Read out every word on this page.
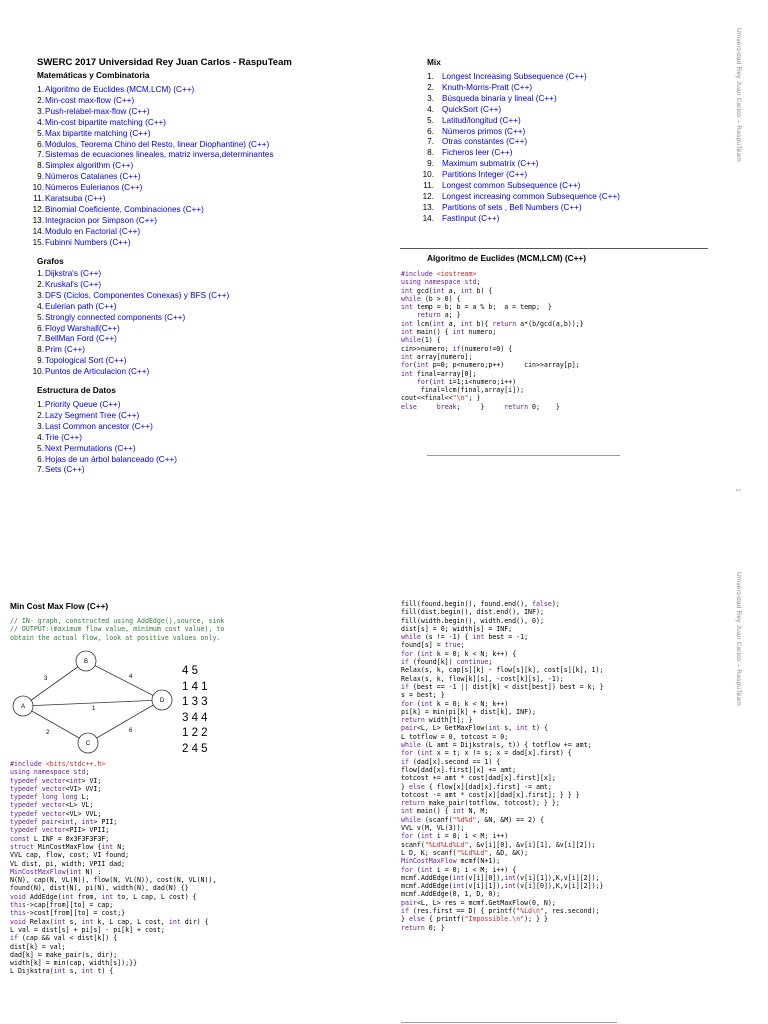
SWERC 2017 Universidad Rey Juan Carlos - RaspuTeam	Universidad Rey Juan Carlos – RaspuTeam
1
Matemáticas y Combinatoria
1.Algoritmo de Euclides (MCM,LCM) (C++)
2.Min-cost max-flow (C++)
3.Push-relabel-max-flow (C++)
4.Min-cost bipartite matching (C++)
5.Max bipartite matching (C++)
6.Módulos, Teorema Chino del Resto, linear Diophantine) (C++)
7.Sistemas de ecuaciones lineales, matriz inversa,determinantes
8.Simplex algorithm (C++)
9.Números Catalanes (C++)
10.Números Eulerianos (C++)
11.Karatsuba (C++)
12.Binomial Coeficiente, Combinaciones (C++)
13.Integracion por Simpson (C++)
14.Modulo en Factorial (C++)
15.Fubinni Numbers (C++)
Grafos
1.Dijkstra's (C++)
2.Kruskal's (C++)
3.DFS (Ciclos, Componentes Conexas) y BFS (C++)
4.Eulerian path (C++)
5.Strongly connected components (C++)
6.Floyd Warshall(C++)
7.BellMan Ford (C++)
8.Prim (C++)
9.Topological Sort (C++)
10.Puntos de Articulacion (C++)
Estructura de Datos
1.Priority Queue (C++)
2.Lazy Segment Tree (C++)
3.Last Common ancestor (C++)
4.Trie (C++)
5.Next Permutations (C++)
6.Hojas de un árbol balanceado (C++)
7.Sets (C++)
Mix
1. Longest Increasing Subsequence (C++)
2. Knuth-Morris-Pratt (C++)
3. Búsqueda binaria y lineal (C++)
4. QuickSort (C++)
5. Latitud/longitud (C++)
6. Números primos (C++)
7. Otras constantes (C++)
8. Ficheros leer (C++)
9. Maximum submatrix (C++)
10. Partitions Integer (C++)
11. Longest common Subsequence (C++)
12. Longest increasing common Subsequence (C++)
13. Partitions of sets , Bell Numbers (C++)
14. FastInput (C++)
Algoritmo de Euclides (MCM,LCM) (C++)
#include <iostream>
using namespace std;
int gcd(int a, int b) {
while (b > 0) {
int temp = b; b = a % b;  a = temp;  }
return a; }
int lcm(int a, int b){ return a*(b/gcd(a,b));}
int main() { int numero;
while(1) {
cin>>numero; if(numero!=0) {
int array[numero];
for(int p=0; p<numero;p++)     cin>>array[p];
int final=array[0];
for(int i=1;i<numero;i++)
final=lcm(final,array[i]);
cout<<final<<"\n"; }
else	break;     }     return 0;    }
Universidad Rey Juan Carlos – RaspuTeam
Min Cost Max Flow (C++)
// IN- graph, constructed using AddEdge(),source, sink
// OUTPUT:(maximum flow value, minimum cost value), to
obtain the actual flow, look at positive values only.
B
A
D
C
3	4
1
2	6
4 5
1 4 1
1 3 3
3 4 4
1 2 2
2 4 5
#include <bits/stdc++.h>
using namespace std;
typedef vector<int> VI;
typedef vector<VI> VVI;
typedef long long L;
typedef vector<L> VL;
typedef vector<VL> VVL;
typedef pair<int, int> PII;
typedef vector<PII> VPII;
const L INF = 0x3F3F3F3F;
struct MinCostMaxFlow {int N;
VVL cap, flow, cost; VI found;
VL dist, pi, width; VPII dad;
MinCostMaxFlow(int N) :
N(N), cap(N, VL(N)), flow(N, VL(N)), cost(N, VL(N)),
found(N), dist(N), pi(N), width(N), dad(N) {}
void AddEdge(int from, int to, L cap, L cost) {
this->cap[from][to] = cap;
this->cost[from][to] = cost;}
void Relax(int s, int k, L cap, L cost, int dir) {
L val = dist[s] + pi[s] - pi[k] + cost;
if (cap && val < dist[k]) {
dist[k] = val;
dad[k] = make_pair(s, dir);
width[k] = min(cap, width[s]);}}
L Dijkstra(int s, int t) {
fill(found.begin(), found.end(), false);
fill(dist.begin(), dist.end(), INF);
fill(width.begin(), width.end(), 0);
dist[s] = 0; width[s] = INF;
while (s != -1) { int best = -1;
found[s] = true;
for (int k = 0; k < N; k++) {
if (found[k]) continue;
Relax(s, k, cap[s][k] - flow[s][k], cost[s][k], 1);
Relax(s, k, flow[k][s], -cost[k][s], -1);
if (best == -1 || dist[k] < dist[best]) best = k; }
s = best; }
for (int k = 0; k < N; k++)
pi[k] = min(pi[k] + dist[k], INF);
return width[t]; }
pair<L, L> GetMaxFlow(int s, int t) {
L totflow = 0, totcost = 0;
while (L amt = Dijkstra(s, t)) { totflow += amt;
for (int x = t; x != s; x = dad[x].first) {
if (dad[x].second == 1) {
flow[dad[x].first][x] += amt;
totcost += amt * cost[dad[x].first][x];
} else { flow[x][dad[x].first] -= amt;
totcost -= amt * cost[x][dad[x].first]; } } }
return make_pair(totflow, totcost); } };
int main() { int N, M;
while (scanf("%d%d", &N, &M) == 2) {
VVL v(M, VL(3));
for (int i = 0; i < M; i++)
scanf("%Ld%Ld%Ld", &v[i][0], &v[i][1], &v[i][2]);
L D, K; scanf("%Ld%Ld", &D, &K);
MinCostMaxFlow mcmf(N+1);
for (int i = 0; i < M; i++) {
mcmf.AddEdge(int(v[i][0]),int(v[i][1]),K,v[i][2]);
mcmf.AddEdge(int(v[i][1]),int(v[i][0]),K,v[i][2]);}
mcmf.AddEdge(0, 1, D, 0);
pair<L, L> res = mcmf.GetMaxFlow(0, N);
if (res.first == D) { printf("%Ld\n", res.second);
} else { printf("Impossible.\n"); } }
return 0; }
